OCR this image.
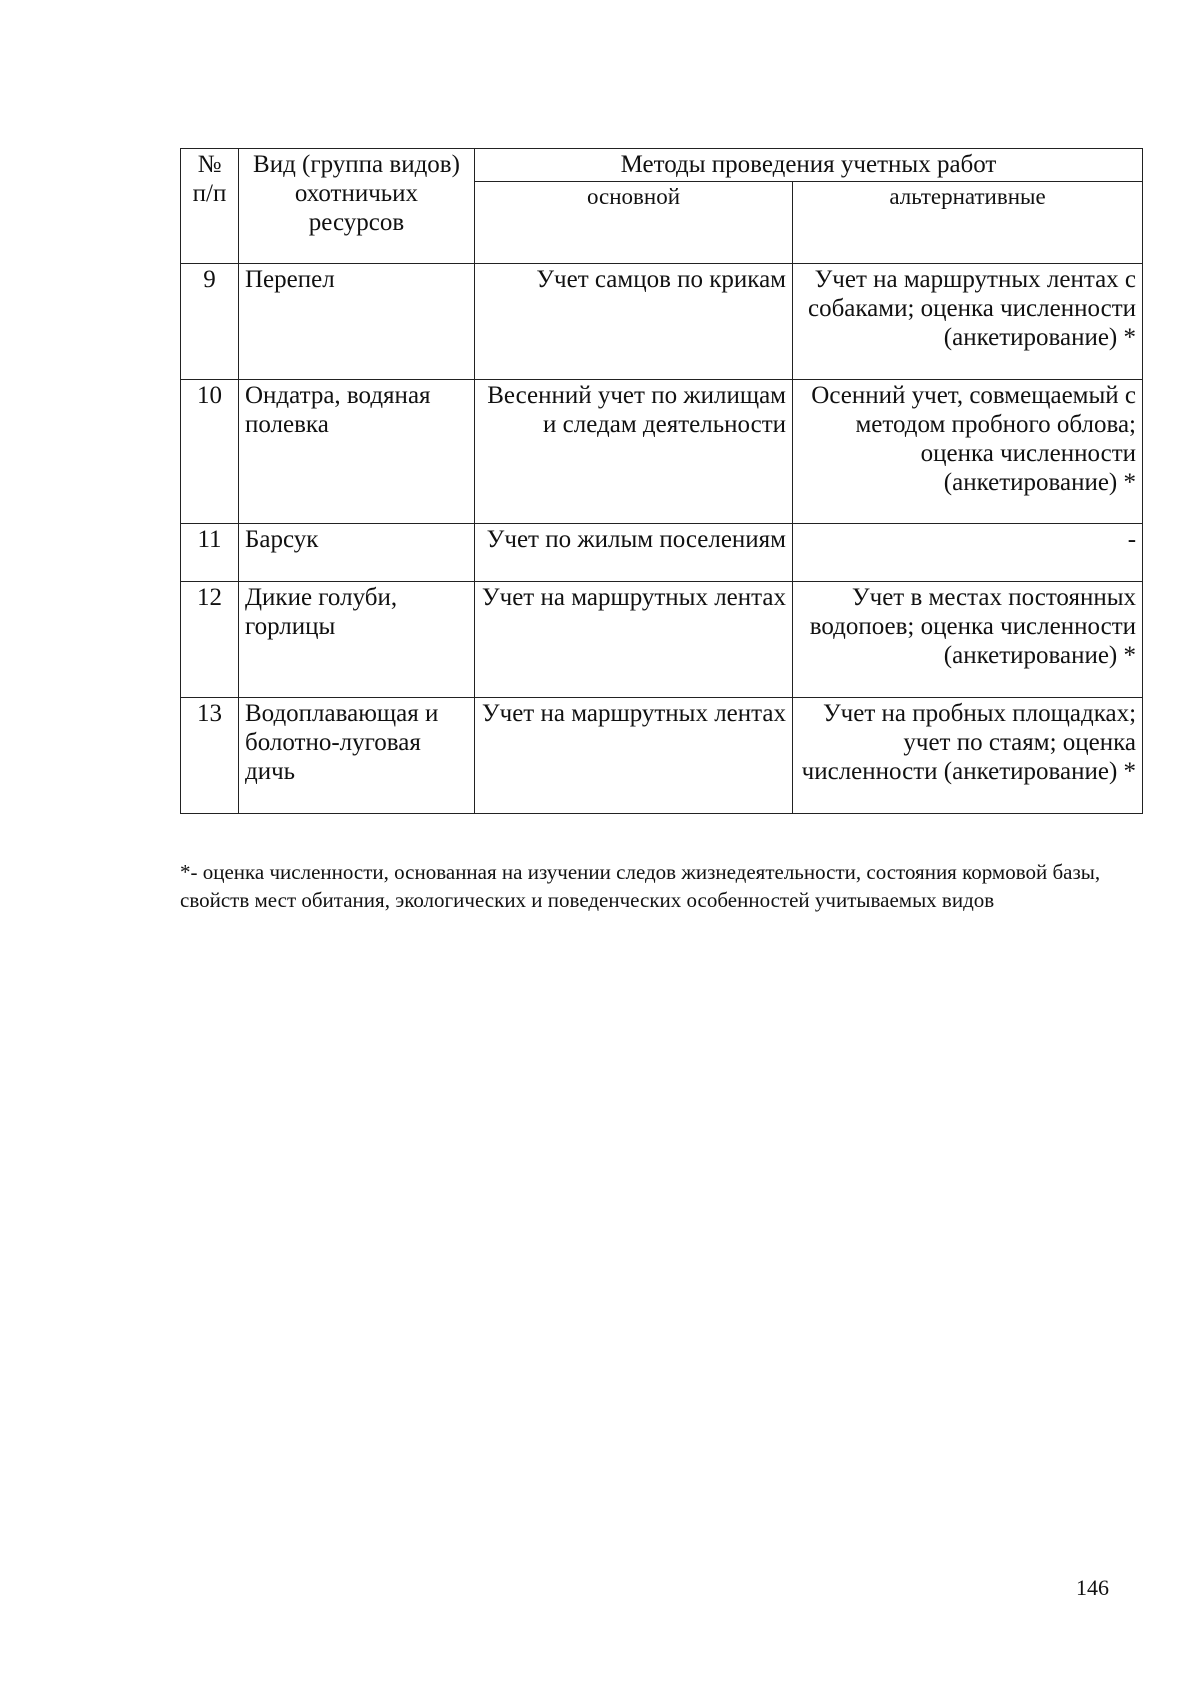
№ п/п	Вид (группа видов) охотничьих ресурсов	Методы проведения учетных работ	
		основной	альтернативные
9	Перепел	Учет самцов по крикам	Учет на маршрутных лентах с собаками; оценка численности (анкетирование) *
10	Ондатра, водяная полевка	Весенний учет по жилищам и следам деятельности	Осенний учет, совмещаемый с методом пробного облова; оценка численности (анкетирование) *
11	Барсук	Учет по жилым поселениям	-
12	Дикие голуби, горлицы	Учет на маршрутных лентах	Учет в местах постоянных водопоев; оценка численности (анкетирование) *
13	Водоплавающая и болотно-луговая дичь	Учет на маршрутных лентах	Учет на пробных площадках; учет по стаям; оценка численности (анкетирование) *
*- оценка численности, основанная на изучении следов жизнедеятельности, состояния кормовой базы, свойств мест обитания, экологических и поведенческих особенностей учитываемых видов
146
